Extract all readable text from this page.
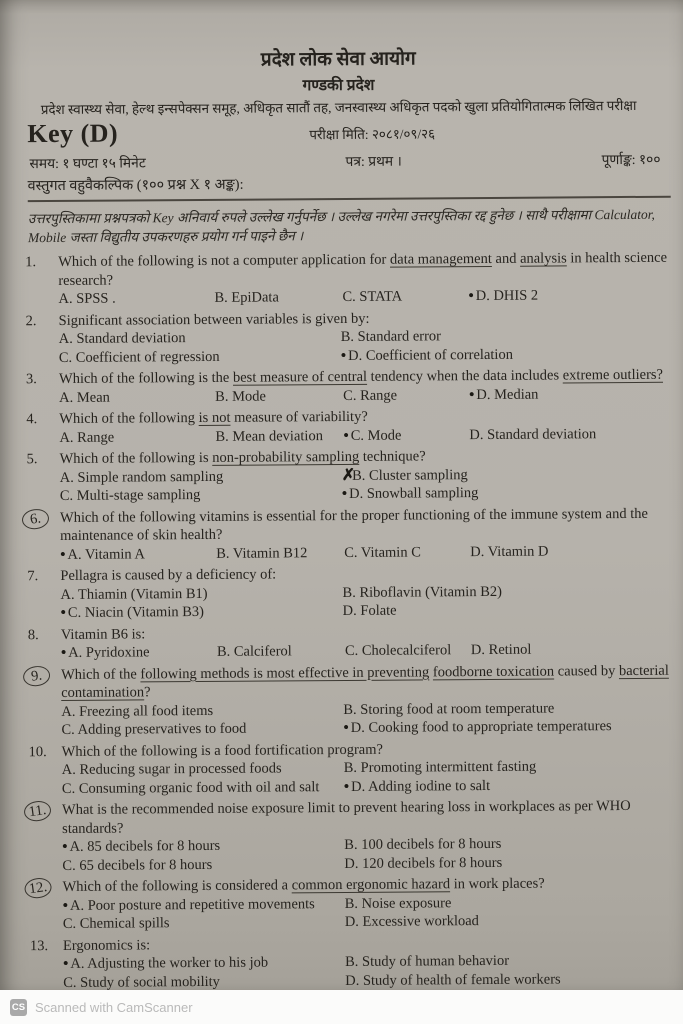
प्रदेश लोक सेवा आयोग
गण्डकी प्रदेश
प्रदेश स्वास्थ्य सेवा, हेल्थ इन्सपेक्सन समूह, अधिकृत सातौं तह, जनस्वास्थ्य अधिकृत पदको खुला प्रतियोगितात्मक लिखित परीक्षा
Key (D)	परीक्षा मिति: २०८१/०९/२६
समय: १ घण्टा १५ मिनेट	पत्र: प्रथम ।	पूर्णाङ्क: १००
वस्तुगत वहुवैकल्पिक (१०० प्रश्न X १ अङ्क):
उत्तरपुस्तिकामा प्रश्नपत्रको Key अनिवार्य रुपले उल्लेख गर्नुपर्नेछ । उल्लेख नगरेमा उत्तरपुस्तिका रद्द हुनेछ । साथै परीक्षामा Calculator, Mobile जस्ता विद्युतीय उपकरणहरु प्रयोग गर्न पाइने छैन ।
1.	Which of the following is not a computer application for data management and analysis in health science research?
A. SPSS .	B. EpiData	C. STATA	• D. DHIS 2
2.	Significant association between variables is given by:
A. Standard deviation	B. Standard error
C. Coefficient of regression	• D. Coefficient of correlation
3.	Which of the following is the best measure of central tendency when the data includes extreme outliers?
A. Mean	B. Mode	C. Range	• D. Median
4.	Which of the following is not measure of variability?
A. Range	B. Mean deviation	• C. Mode	D. Standard deviation
5.	Which of the following is non-probability sampling technique?
A. Simple random sampling	✗B. Cluster sampling
C. Multi-stage sampling	• D. Snowball sampling
6.	Which of the following vitamins is essential for the proper functioning of the immune system and the maintenance of skin health?
• A. Vitamin A	B. Vitamin B12	C. Vitamin C	D. Vitamin D
7.	Pellagra is caused by a deficiency of:
A. Thiamin (Vitamin B1)	B. Riboflavin (Vitamin B2)
• C. Niacin (Vitamin B3)	D. Folate
8.	Vitamin B6 is:
• A. Pyridoxine	B. Calciferol	C. Cholecalciferol	D. Retinol
9.	Which of the following methods is most effective in preventing foodborne toxication caused by bacterial contamination?
A. Freezing all food items	B. Storing food at room temperature
C. Adding preservatives to food	• D. Cooking food to appropriate temperatures
10.	Which of the following is a food fortification program?
A. Reducing sugar in processed foods	B. Promoting intermittent fasting
C. Consuming organic food with oil and salt	• D. Adding iodine to salt
11.	What is the recommended noise exposure limit to prevent hearing loss in workplaces as per WHO standards?
• A. 85 decibels for 8 hours	B. 100 decibels for 8 hours
C. 65 decibels for 8 hours	D. 120 decibels for 8 hours
12. Which of the following is considered a common ergonomic hazard in work places?
• A. Poor posture and repetitive movements	B. Noise exposure
C. Chemical spills	D. Excessive workload
13.	Ergonomics is:
• A. Adjusting the worker to his job	B. Study of human behavior
C. Study of social mobility	D. Study of health of female workers
CS Scanned with CamScanner
